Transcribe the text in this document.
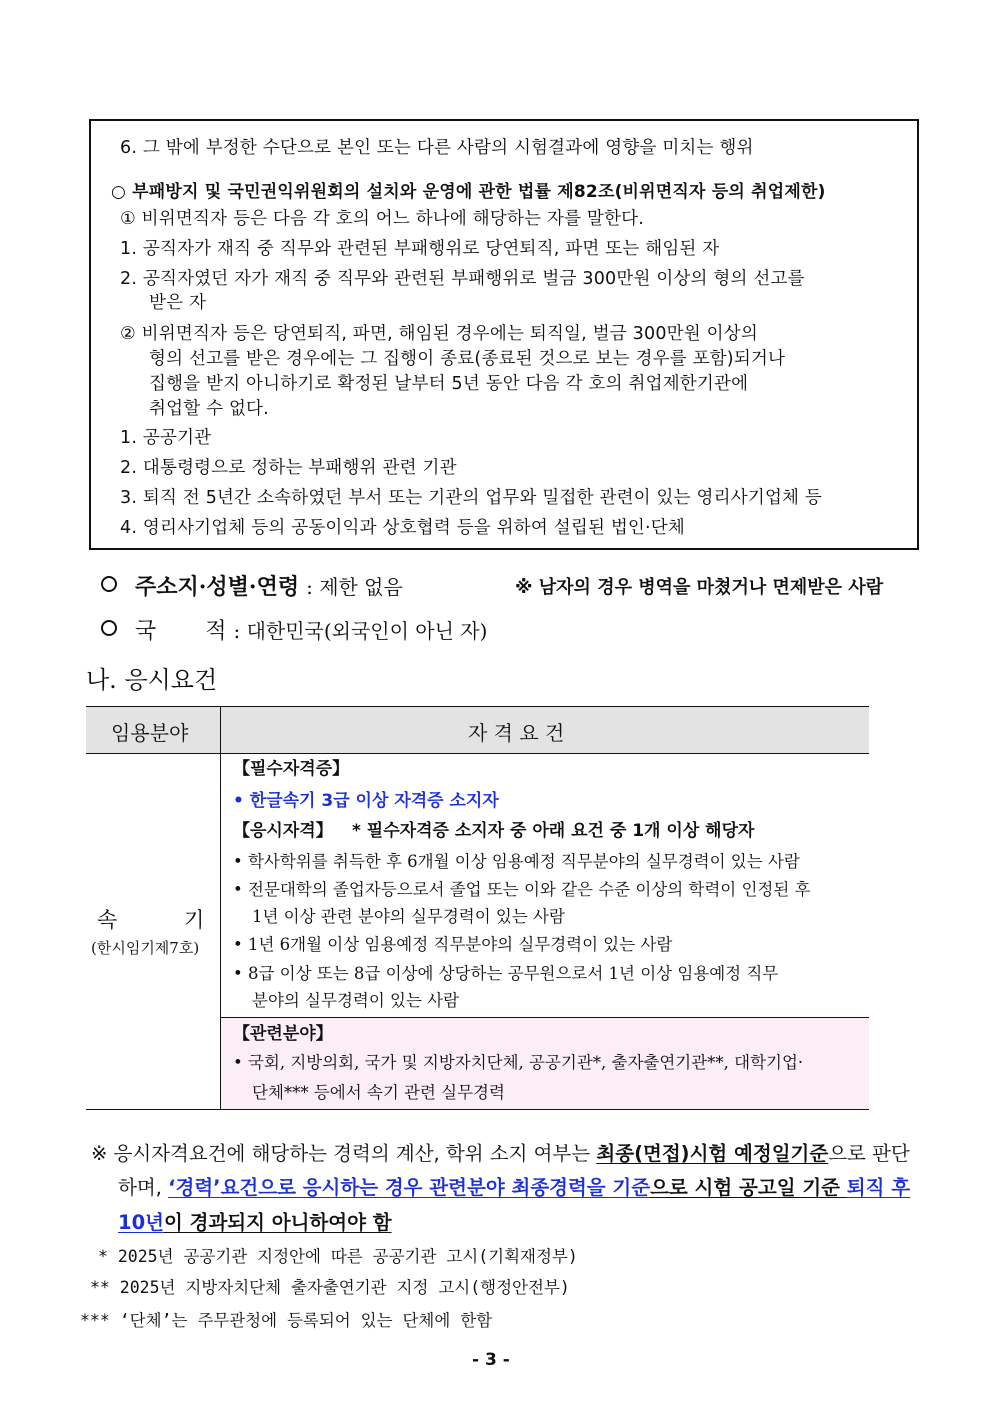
6. 그 밖에 부정한 수단으로 본인 또는 다른 사람의 시험결과에 영향을 미치는 행위
○ 부패방지 및 국민권익위원회의 설치와 운영에 관한 법률 제82조(비위면직자 등의 취업제한)
① 비위면직자 등은 다음 각 호의 어느 하나에 해당하는 자를 말한다.
1. 공직자가 재직 중 직무와 관련된 부패행위로 당연퇴직, 파면 또는 해임된 자
2. 공직자였던 자가 재직 중 직무와 관련된 부패행위로 벌금 300만원 이상의 형의 선고를
받은 자
② 비위면직자 등은 당연퇴직, 파면, 해임된 경우에는 퇴직일, 벌금 300만원 이상의
형의 선고를 받은 경우에는 그 집행이 종료(종료된 것으로 보는 경우를 포함)되거나
집행을 받지 아니하기로 확정된 날부터 5년 동안 다음 각 호의 취업제한기관에
취업할 수 없다.
1. 공공기관
2. 대통령령으로 정하는 부패행위 관련 기관
3. 퇴직 전 5년간 소속하였던 부서 또는 기관의 업무와 밀접한 관련이 있는 영리사기업체 등
4. 영리사기업체 등의 공동이익과 상호협력 등을 위하여 설립된 법인·단체
주소지·성별·연령 : 제한 없음	※ 남자의 경우 병역을 마쳤거나 면제받은 사람
국       적 : 대한민국(외국인이 아닌 자)
나. 응시요건
임용분야	자 격 요 건
속          기
(한시임기제7호)
【필수자격증】
• 한글속기 3급 이상 자격증 소지자
【응시자격】 * 필수자격증 소지자 중 아래 요건 중 1개 이상 해당자
• 학사학위를 취득한 후 6개월 이상 임용예정 직무분야의 실무경력이 있는 사람
• 전문대학의 졸업자등으로서 졸업 또는 이와 같은 수준 이상의 학력이 인정된 후
1년 이상 관련 분야의 실무경력이 있는 사람
• 1년 6개월 이상 임용예정 직무분야의 실무경력이 있는 사람
• 8급 이상 또는 8급 이상에 상당하는 공무원으로서 1년 이상 임용예정 직무
분야의 실무경력이 있는 사람
【관련분야】
• 국회, 지방의회, 국가 및 지방자치단체, 공공기관*, 출자출연기관**, 대학기업·
단체*** 등에서 속기 관련 실무경력
※ 응시자격요건에 해당하는 경력의 계산, 학위 소지 여부는 최종(면접)시험 예정일기준으로 판단
하며, ‘경력’요건으로 응시하는 경우 관련분야 최종경력을 기준으로 시험 공고일 기준 퇴직 후
10년이 경과되지 아니하여야 함
* 2025년 공공기관 지정안에 따른 공공기관 고시(기획재정부)
** 2025년 지방자치단체 출자출연기관 지정 고시(행정안전부)
*** ‘단체’는 주무관청에 등록되어 있는 단체에 한함
- 3 -
